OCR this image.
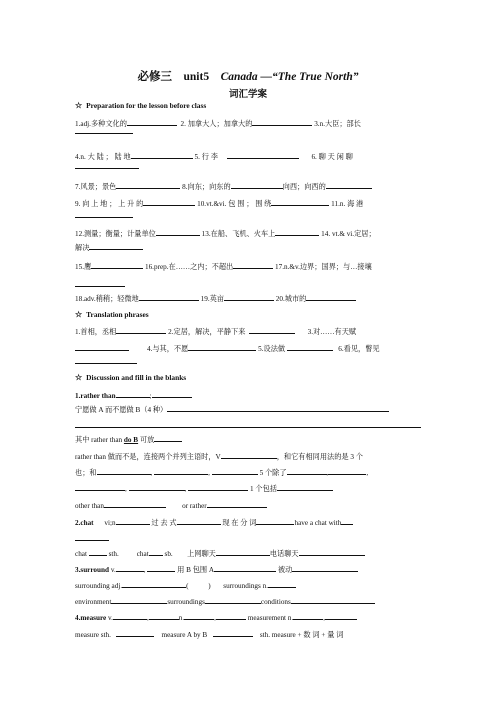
必修三 unit5 Canada —“The True North”
词汇学案
☆ Preparation for the lesson before class
1.adj.多种文化的	2. 加拿大人；加拿大的	3.n.大臣；部长
4.n. 大 陆 ； 陆 地	5. 行 李	6. 聊 天 闲 聊
7.风景；景色	8.向东；向东的	向西；向西的
9. 向 上 地 ； 上 升 的	10.vt.&vi. 包 围 ； 围 绕	11.n. 海 港
12.测量；衡量；计量单位	13.在船、飞机、火车上	14. vt.& vi.定居；
解决
15.鹰	16.prep.在……之内；不超出	17.n.&v.边界；国界；与…接壤
18.adv.稍稍；轻微地	19.英亩	20.城市的
☆ Translation phrases
1.首相，丞相	2.定居，解决，平静下来	3.对……有天赋
4.与其，不愿	5.设法做	6.看见，瞥见
☆ Discussion and fill in the blanks
1.rather than	;
宁愿做 A 而不愿做 B（4 种）
其中 rather than do B 可放
rather than 做而不是，连接两个并列主语时，V	，和它有相同用法的是 3 个
也；和	,	,	5 个除了	,	,
,	,	1 个包括
other than	or rather
2.chat vi;n	过 去 式	现 在 分 词	have a chat with
chat	sth. chat sb. 上网聊天	电话聊天
3.surround v.	,	用 B 包围 A	被动
surrounding adj.	(           )       surroundings n.
environment	surroundings	conditions
4.measure v.	,	n.	,	measurement n.	,
measure sth.	measure A by B	sth. measure + 数 词 + 量 词
